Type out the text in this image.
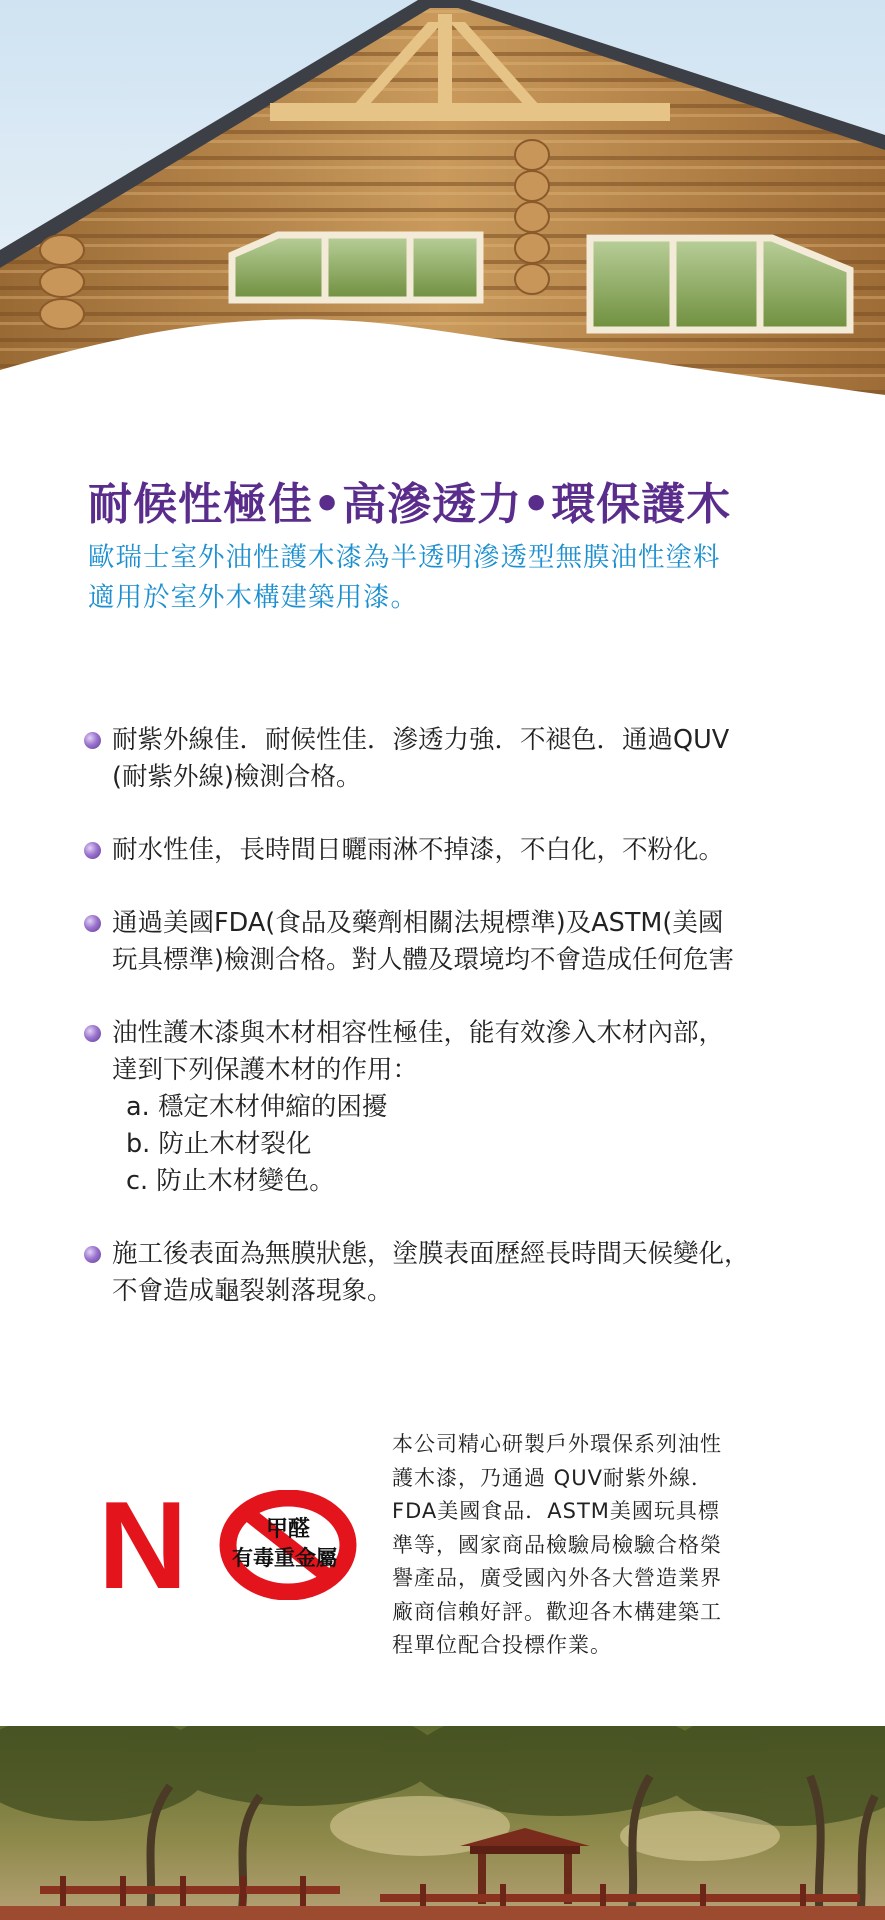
耐候性極佳•高滲透力•環保護木
歐瑞士室外油性護木漆為半透明滲透型無膜油性塗料
適用於室外木構建築用漆。
耐紫外線佳．耐候性佳．滲透力強．不褪色．通過QUV
(耐紫外線)檢測合格。
耐水性佳，長時間日曬雨淋不掉漆，不白化，不粉化。
通過美國FDA(食品及藥劑相關法規標準)及ASTM(美國
玩具標準)檢測合格。對人體及環境均不會造成任何危害
油性護木漆與木材相容性極佳，能有效滲入木材內部，
達到下列保護木材的作用：
a. 穩定木材伸縮的困擾
b. 防止木材裂化
c. 防止木材變色。
施工後表面為無膜狀態，塗膜表面歷經長時間天候變化，
不會造成龜裂剝落現象。
N	甲醛
有毒重金屬
本公司精心研製戶外環保系列油性
護木漆，乃通過 QUV耐紫外線．
FDA美國食品．ASTM美國玩具標
準等，國家商品檢驗局檢驗合格榮
譽產品，廣受國內外各大營造業界
廠商信賴好評。歡迎各木構建築工
程單位配合投標作業。
